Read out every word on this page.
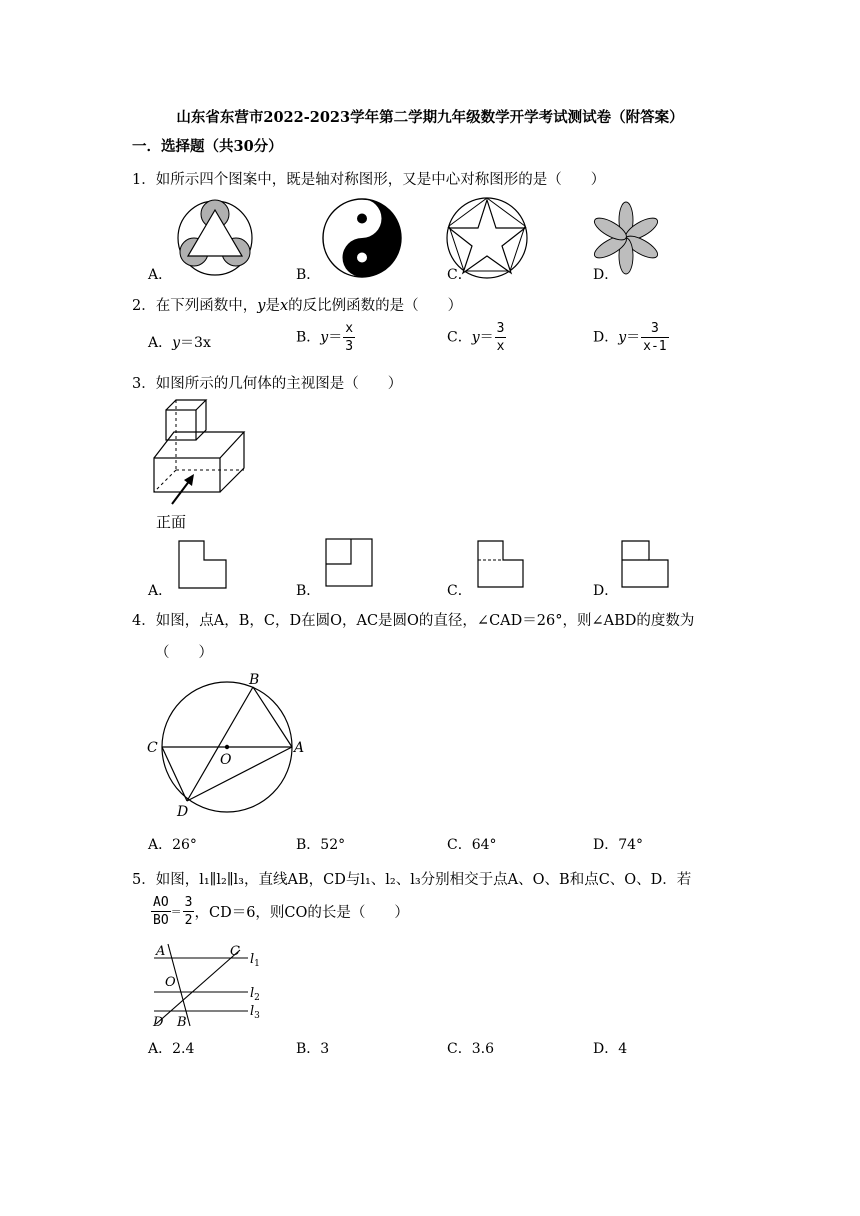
山东省东营市2022-2023学年第二学期九年级数学开学考试测试卷（附答案）
一．选择题（共30分）
1．如所示四个图案中，既是轴对称图形，又是中心对称图形的是（　　）
A．	B．	C．	D．
2．在下列函数中，y是x的反比例函数的是（　　）
A．y＝3x	B．$y= \frac{x}{3}$	C．$y= \frac{3}{x}$	D．$y= \frac{3}{x-1}$
3．如图所示的几何体的主视图是（　　）
正面
A．	B．	C．	D．
4．如图，点A，B，C，D在圆O，AC是圆O的直径，∠CAD＝26°，则∠ABD的度数为
（　　）
B
C
O
A
D
A．26°	B．52°	C．64°	D．74°
5．如图，l₁∥l₂∥l₃，直线AB，CD与l₁、l₂、l₃分别相交于点A、O、B和点C、O、D．若
$\frac{AO}{BO} = \frac{3}{2}$ ，CD＝6，则CO的长是（　　）
A	C
O
D B
$l_1$
$l_2$
$l_3$
A．2.4	B．3	C．3.6	D．4
